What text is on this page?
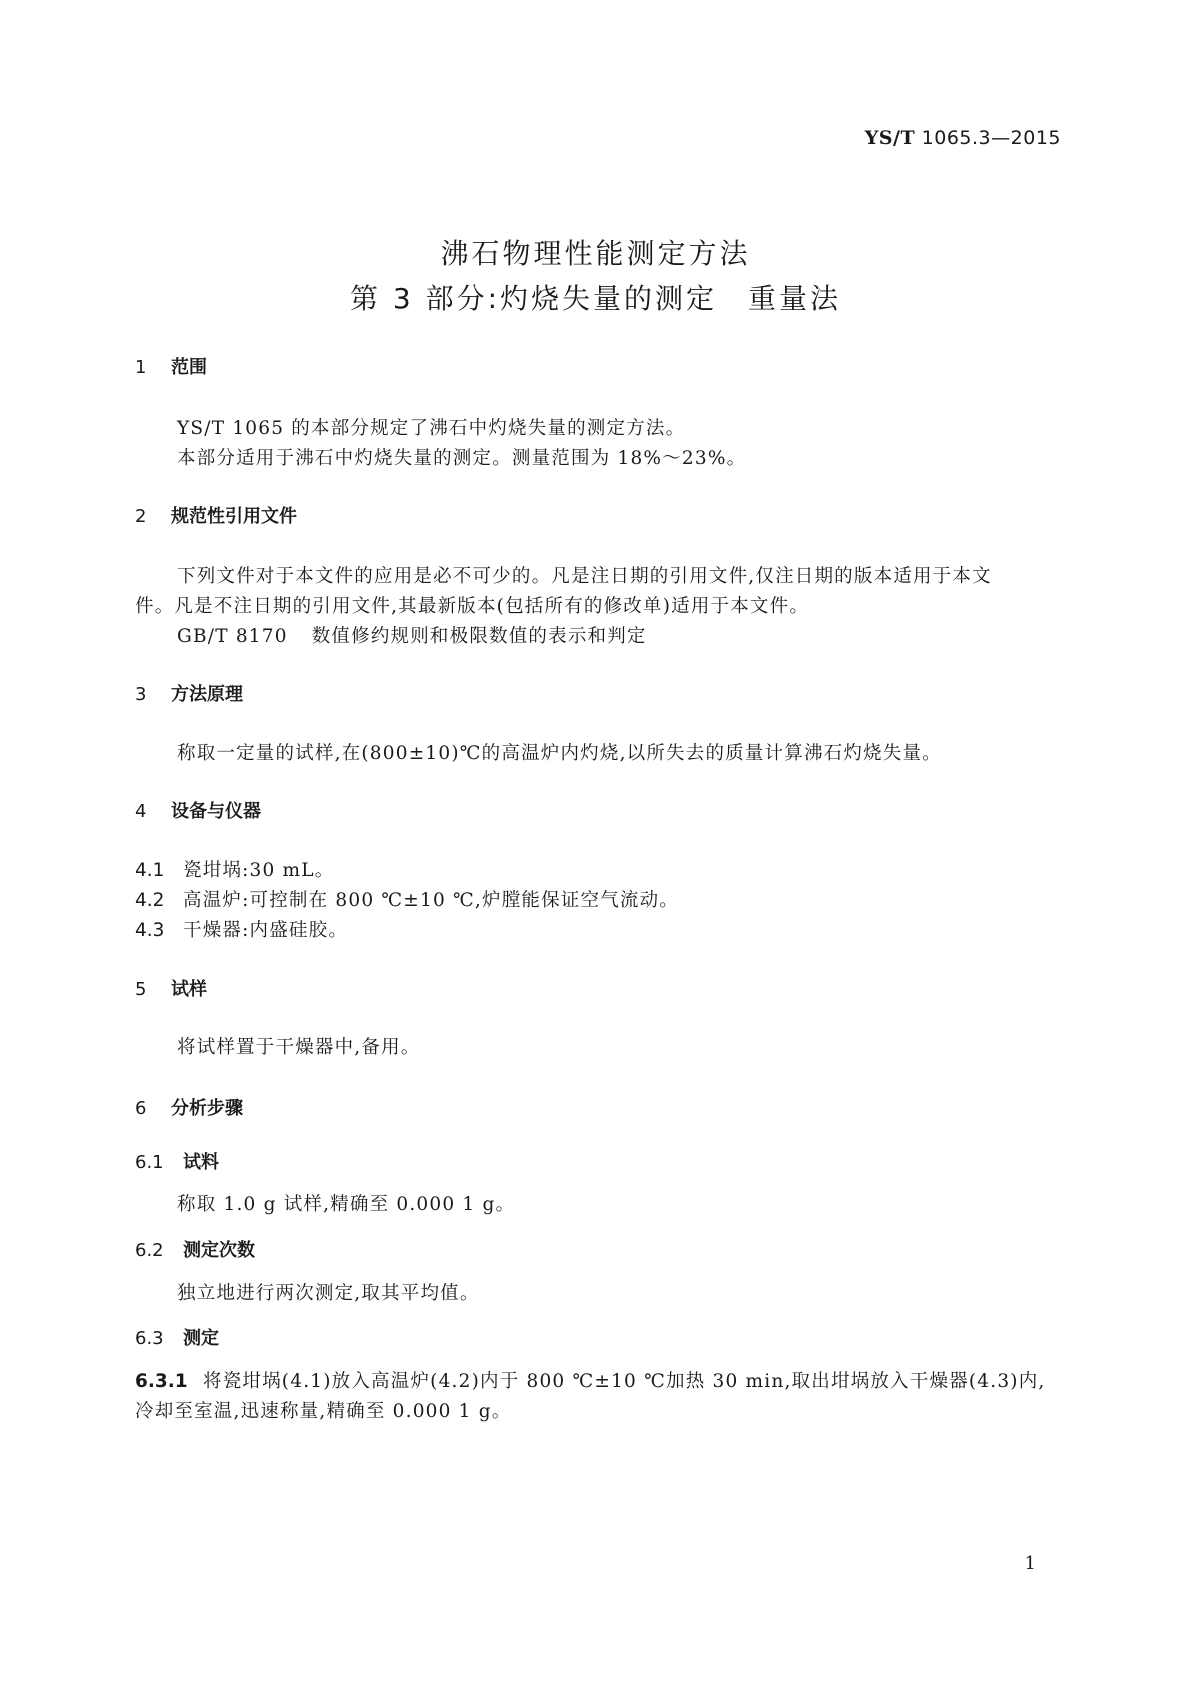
YS/T 1065.3—2015
沸石物理性能测定方法
第 3 部分:灼烧失量的测定　重量法
1 范围
YS/T 1065 的本部分规定了沸石中灼烧失量的测定方法。
本部分适用于沸石中灼烧失量的测定。测量范围为 18%～23%。
2 规范性引用文件
下列文件对于本文件的应用是必不可少的。凡是注日期的引用文件,仅注日期的版本适用于本文
件。凡是不注日期的引用文件,其最新版本(包括所有的修改单)适用于本文件。
GB/T 8170 数值修约规则和极限数值的表示和判定
3 方法原理
称取一定量的试样,在(800±10)℃的高温炉内灼烧,以所失去的质量计算沸石灼烧失量。
4 设备与仪器
4.1 瓷坩埚:30 mL。
4.2 高温炉:可控制在 800 ℃±10 ℃,炉膛能保证空气流动。
4.3 干燥器:内盛硅胶。
5 试样
将试样置于干燥器中,备用。
6 分析步骤
6.1 试料
称取 1.0 g 试样,精确至 0.000 1 g。
6.2 测定次数
独立地进行两次测定,取其平均值。
6.3 测定
6.3.1 将瓷坩埚(4.1)放入高温炉(4.2)内于 800 ℃±10 ℃加热 30 min,取出坩埚放入干燥器(4.3)内,
冷却至室温,迅速称量,精确至 0.000 1 g。
1
